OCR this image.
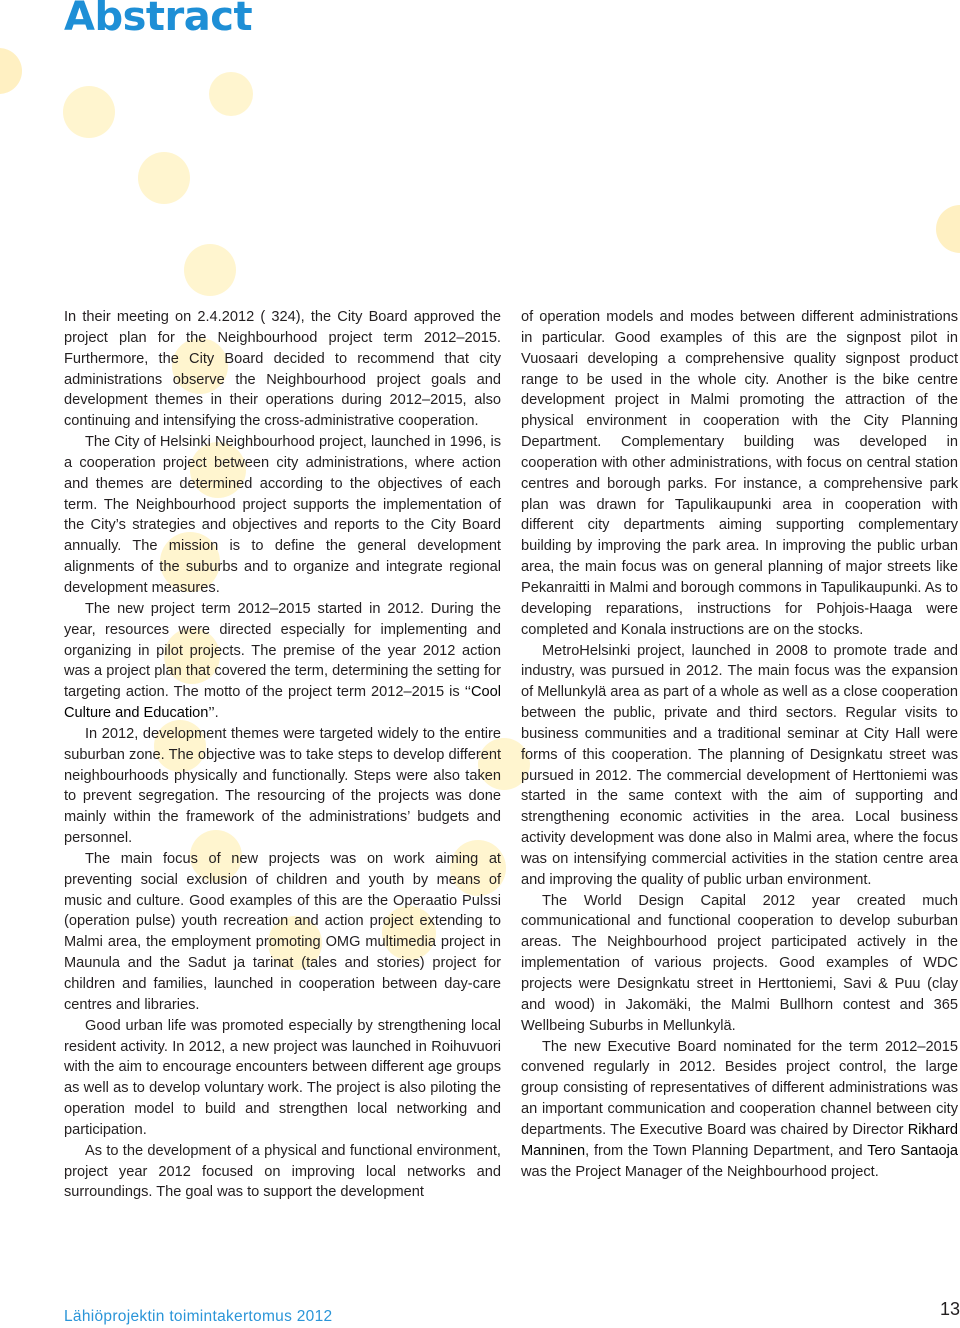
Abstract

In their meeting on 2.4.2012 ( 324), the City Board approved the project plan for the Neighbourhood project term 2012–2015. Furthermore, the City Board decided to recommend that city administrations observe the Neighbourhood project goals and development themes in their operations during 2012–2015, also continuing and intensifying the cross-administrative cooperation.

The City of Helsinki Neighbourhood project, launched in 1996, is a cooperation project between city administrations, where action and themes are determined according to the objectives of each term. The Neighbourhood project supports the implementation of the City’s strategies and objectives and reports to the City Board annually. The mission is to define the general development alignments of the suburbs and to organize and integrate regional development measures.

The new project term 2012–2015 started in 2012. During the year, resources were directed especially for implementing and organizing in pilot projects. The premise of the year 2012 action was a project plan that covered the term, determining the setting for targeting action. The motto of the project term 2012–2015 is ‘‘Cool Culture and Education’’.

In 2012, development themes were targeted widely to the entire suburban zone. The objective was to take steps to develop different neighbourhoods physically and functionally. Steps were also taken to prevent segregation. The resourcing of the projects was done mainly within the framework of the administrations’ budgets and personnel.

The main focus of new projects was on work aiming at preventing social exclusion of children and youth by means of music and culture. Good examples of this are the Operaatio Pulssi (operation pulse) youth recreation and action project extending to Malmi area, the employment promoting OMG multimedia project in Maunula and the Sadut ja tarinat (tales and stories) project for children and families, launched in cooperation between day-care centres and libraries.

Good urban life was promoted especially by strengthening local resident activity. In 2012, a new project was launched in Roihuvuori with the aim to encourage encounters between different age groups as well as to develop voluntary work. The project is also piloting the operation model to build and strengthen local networking and participation.

As to the development of a physical and functional environment, project year 2012 focused on improving local networks and surroundings. The goal was to support the development

of operation models and modes between different administrations in particular. Good examples of this are the signpost pilot in Vuosaari developing a comprehensive quality signpost product range to be used in the whole city. Another is the bike centre development project in Malmi promoting the attraction of the physical environment in cooperation with the City Planning Department. Complementary building was developed in cooperation with other administrations, with focus on central station centres and borough parks. For instance, a comprehensive park plan was drawn for Tapulikaupunki area in cooperation with different city departments aiming supporting complementary building by improving the park area. In improving the public urban area, the main focus was on general planning of major streets like Pekanraitti in Malmi and borough commons in Tapulikaupunki. As to developing reparations, instructions for Pohjois-Haaga were completed and Konala instructions are on the stocks.

MetroHelsinki project, launched in 2008 to promote trade and industry, was pursued in 2012. The main focus was the expansion of Mellunkylä area as part of a whole as well as a close cooperation between the public, private and third sectors. Regular visits to business communities and a traditional seminar at City Hall were forms of this cooperation. The planning of Designkatu street was pursued in 2012. The commercial development of Herttoniemi was started in the same context with the aim of supporting and strengthening economic activities in the area. Local business activity development was done also in Malmi area, where the focus was on intensifying commercial activities in the station centre area and improving the quality of public urban environment.

The World Design Capital 2012 year created much communicational and functional cooperation to develop suburban areas. The Neighbourhood project participated actively in the implementation of various projects. Good examples of WDC projects were Designkatu street in Herttoniemi, Savi & Puu (clay and wood) in Jakomäki, the Malmi Bullhorn contest and 365 Wellbeing Suburbs in Mellunkylä.

The new Executive Board nominated for the term 2012–2015 convened regularly in 2012. Besides project control, the large group consisting of representatives of different administrations was an important communication and cooperation channel between city departments. The Executive Board was chaired by Director Rikhard Manninen, from the Town Planning Department, and Tero Santaoja was the Project Manager of the Neighbourhood project.

Lähiöprojektin toimintakertomus 2012	13
